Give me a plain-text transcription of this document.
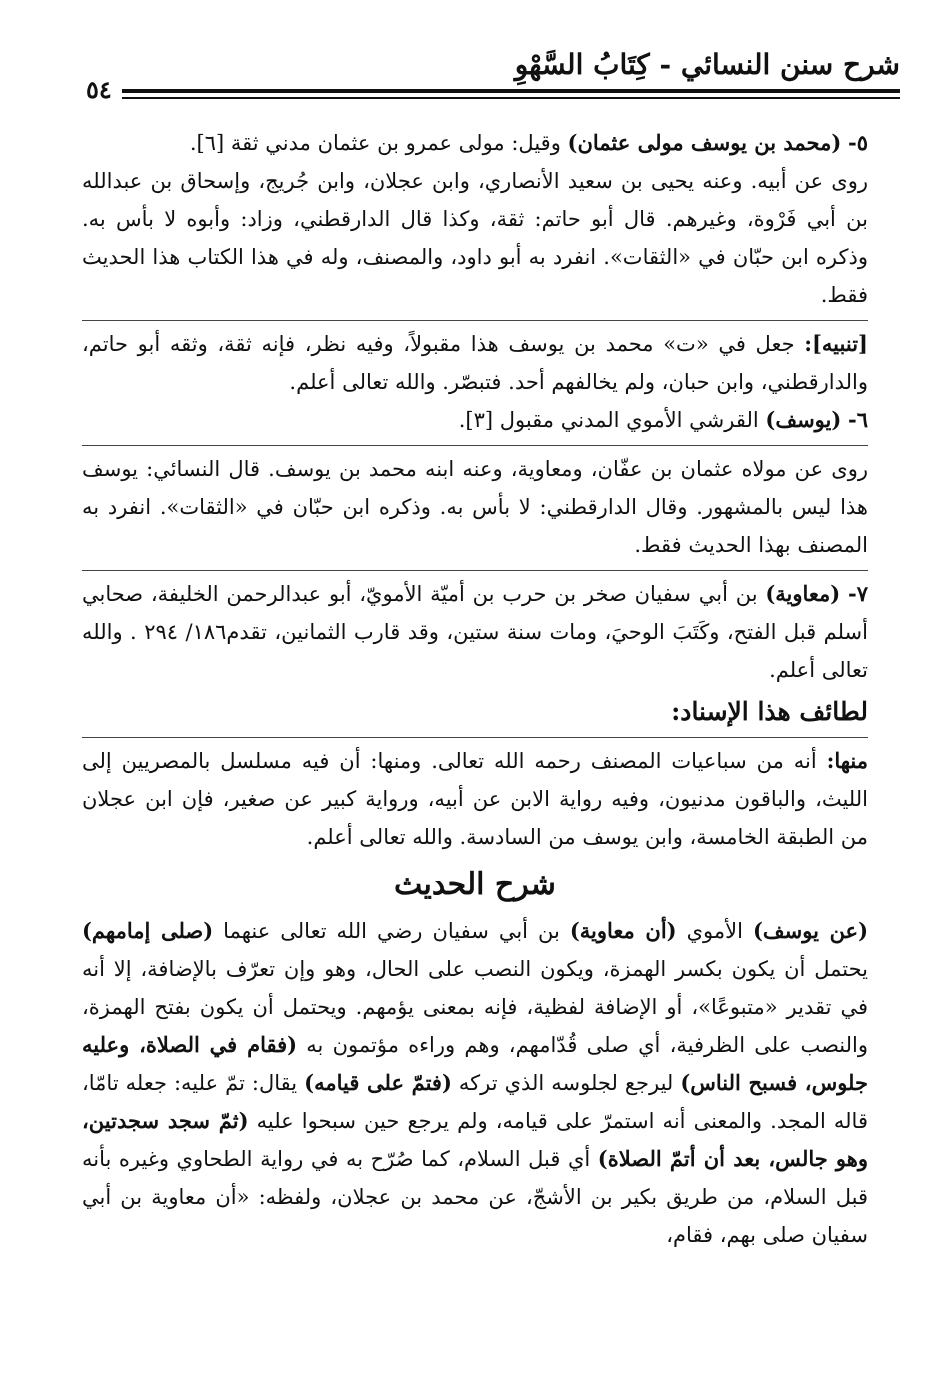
شرح سنن النسائي - كِتَابُ السَّهْوِ
٥٤

٥- (محمد بن يوسف مولى عثمان) وقيل: مولى عمرو بن عثمان مدني ثقة [٦].

روى عن أبيه. وعنه يحيى بن سعيد الأنصاري، وابن عجلان، وابن جُريج، وإسحاق بن عبدالله بن أبي فَرْوة، وغيرهم. قال أبو حاتم: ثقة، وكذا قال الدارقطني، وزاد: وأبوه لا بأس به. وذكره ابن حبّان في «الثقات». انفرد به أبو داود، والمصنف، وله في هذا الكتاب هذا الحديث فقط.

[تنبيه]: جعل في «ت» محمد بن يوسف هذا مقبولاً، وفيه نظر، فإنه ثقة، وثقه أبو حاتم، والدارقطني، وابن حبان، ولم يخالفهم أحد. فتبصّر. والله تعالى أعلم.

٦- (يوسف) القرشي الأموي المدني مقبول [٣].

روى عن مولاه عثمان بن عفّان، ومعاوية، وعنه ابنه محمد بن يوسف. قال النسائي: يوسف هذا ليس بالمشهور. وقال الدارقطني: لا بأس به. وذكره ابن حبّان في «الثقات». انفرد به المصنف بهذا الحديث فقط.

٧- (معاوية) بن أبي سفيان صخر بن حرب بن أميّة الأمويّ، أبو عبدالرحمن الخليفة، صحابي أسلم قبل الفتح، وكَتَبَ الوحيَ، ومات سنة ستين، وقد قارب الثمانين، تقدم١٨٦/ ٢٩٤ . والله تعالى أعلم.

لطائف هذا الإسناد:

منها: أنه من سباعيات المصنف رحمه الله تعالى. ومنها: أن فيه مسلسل بالمصريين إلى الليث، والباقون مدنيون، وفيه رواية الابن عن أبيه، ورواية كبير عن صغير، فإن ابن عجلان من الطبقة الخامسة، وابن يوسف من السادسة. والله تعالى أعلم.

شرح الحديث

(عن يوسف) الأموي (أن معاوية) بن أبي سفيان رضي الله تعالى عنهما (صلى إمامهم) يحتمل أن يكون بكسر الهمزة، ويكون النصب على الحال، وهو وإن تعرّف بالإضافة، إلا أنه في تقدير «متبوعًا»، أو الإضافة لفظية، فإنه بمعنى يؤمهم. ويحتمل أن يكون بفتح الهمزة، والنصب على الظرفية، أي صلى قُدّامهم، وهم وراءه مؤتمون به (فقام في الصلاة، وعليه جلوس، فسبح الناس) ليرجع لجلوسه الذي تركه (فتمّ على قيامه) يقال: تمّ عليه: جعله تامّا، قاله المجد. والمعنى أنه استمرّ على قيامه، ولم يرجع حين سبحوا عليه (ثمّ سجد سجدتين، وهو جالس، بعد أن أتمّ الصلاة) أي قبل السلام، كما صُرّح به في رواية الطحاوي وغيره بأنه قبل السلام، من طريق بكير بن الأشجّ، عن محمد بن عجلان، ولفظه: «أن معاوية بن أبي سفيان صلى بهم، فقام،
